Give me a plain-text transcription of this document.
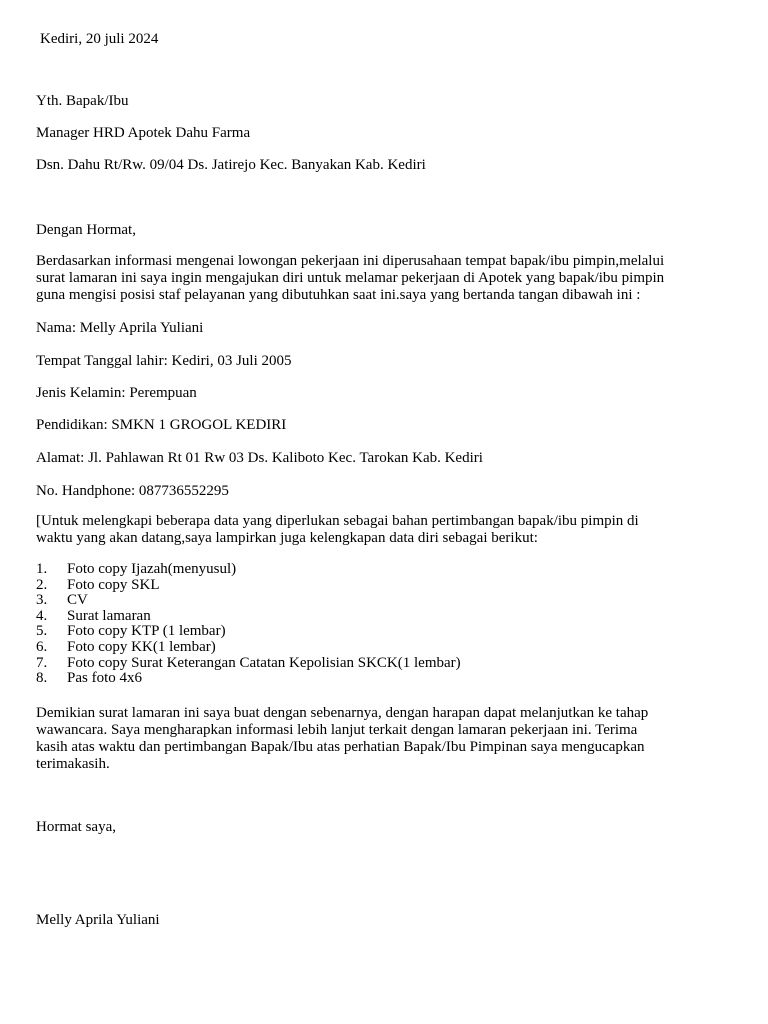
Kediri, 20 juli 2024

Yth. Bapak/Ibu

Manager HRD Apotek Dahu Farma

Dsn. Dahu Rt/Rw. 09/04 Ds. Jatirejo Kec. Banyakan Kab. Kediri

Dengan Hormat,

Berdasarkan informasi mengenai lowongan pekerjaan ini diperusahaan tempat bapak/ibu pimpin,melalui
surat lamaran ini saya ingin mengajukan diri untuk melamar pekerjaan di Apotek yang bapak/ibu pimpin
guna mengisi posisi staf pelayanan yang dibutuhkan saat ini.saya yang bertanda tangan dibawah ini :

Nama: Melly Aprila Yuliani

Tempat Tanggal lahir: Kediri, 03 Juli 2005

Jenis Kelamin: Perempuan

Pendidikan: SMKN 1 GROGOL KEDIRI

Alamat: Jl. Pahlawan Rt 01 Rw 03 Ds. Kaliboto Kec. Tarokan Kab. Kediri

No. Handphone: 087736552295

[Untuk melengkapi beberapa data yang diperlukan sebagai bahan pertimbangan bapak/ibu pimpin di
waktu yang akan datang,saya lampirkan juga kelengkapan data diri sebagai berikut:
1.	Foto copy Ijazah(menyusul)
2.	Foto copy SKL
3.	CV
4.	Surat lamaran
5.	Foto copy KTP (1 lembar)
6.	Foto copy KK(1 lembar)
7.	Foto copy Surat Keterangan Catatan Kepolisian SKCK(1 lembar)
8.	Pas foto 4x6
Demikian surat lamaran ini saya buat dengan sebenarnya, dengan harapan dapat melanjutkan ke tahap
wawancara. Saya mengharapkan informasi lebih lanjut terkait dengan lamaran pekerjaan ini. Terima
kasih atas waktu dan pertimbangan Bapak/Ibu atas perhatian Bapak/Ibu Pimpinan saya mengucapkan
terimakasih.

Hormat saya,

Melly Aprila Yuliani
